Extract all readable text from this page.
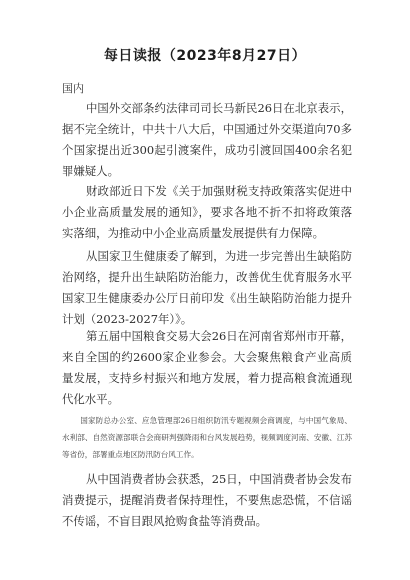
每日读报（2023年8月27日）
国内

中国外交部条约法律司司长马新民26日在北京表示，据不完全统计，中共十八大后，中国通过外交渠道向70多个国家提出近300起引渡案件，成功引渡回国400余名犯罪嫌疑人。

财政部近日下发《关于加强财税支持政策落实促进中小企业高质量发展的通知》，要求各地不折不扣将政策落实落细，为推动中小企业高质量发展提供有力保障。

从国家卫生健康委了解到，为进一步完善出生缺陷防治网络，提升出生缺陷防治能力，改善优生优育服务水平国家卫生健康委办公厅日前印发《出生缺陷防治能力提升计划（2023-2027年）》。

第五届中国粮食交易大会26日在河南省郑州市开幕，来自全国的约2600家企业参会。大会聚焦粮食产业高质量发展，支持乡村振兴和地方发展，着力提高粮食流通现代化水平。

国家防总办公室、应急管理部26日组织防汛专题视频会商调度，与中国气象局、水利部、自然资源部联合会商研判强降雨和台风发展趋势，视频调度河南、安徽、江苏等省份，部署重点地区防汛防台风工作。

从中国消费者协会获悉，25日，中国消费者协会发布消费提示，提醒消费者保持理性，不要焦虑恐慌，不信谣不传谣，不盲目跟风抢购食盐等消费品。
